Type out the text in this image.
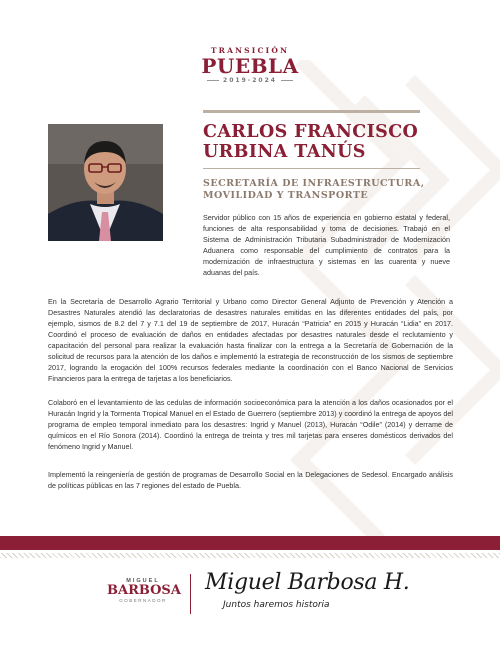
TRANSICIÓN
PUEBLA
2019-2024
CARLOS FRANCISCO URBINA TANÚS
SECRETARÍA DE INFRAESTRUCTURA, MOVILIDAD Y TRANSPORTE
Servidor público con 15 años de experiencia en gobierno estatal y federal, funciones de alta responsabilidad y toma de decisiones. Trabajó en el Sistema de Administración Tributaria Subadministrador de Modernización Aduanera como responsable del cumplimiento de contratos para la modernización de infraestructura y sistemas en las cuarenta y nueve aduanas del país.
En la Secretaría de Desarrollo Agrario Territorial y Urbano como Director General Adjunto de Prevención y Atención a Desastres Naturales atendió las declaratorias de desastres naturales emitidas en las diferentes entidades del país, por ejemplo, sismos de 8.2 del 7 y 7.1 del 19 de septiembre de 2017, Huracán “Patricia” en 2015 y Huracán “Lidia” en 2017. Coordinó el proceso de evaluación de daños en entidades afectadas por desastres naturales desde el reclutamiento y capacitación del personal para realizar la evaluación hasta finalizar con la entrega a la Secretaría de Gobernación de la solicitud de recursos para la atención de los daños e implementó la estrategia de reconstrucción de los sismos de septiembre 2017, logrando la erogación del 100% recursos federales mediante la coordinación con el Banco Nacional de Servicios Financieros para la entrega de tarjetas a los beneficiarios.
Colaboró en el levantamiento de las cedulas de información socioeconómica para la atención a los daños ocasionados por el Huracán Ingrid y la Tormenta Tropical Manuel en el Estado de Guerrero (septiembre 2013) y coordinó la entrega de apoyos del programa de empleo temporal inmediato para los desastres: Ingrid y Manuel (2013), Huracán “Odile” (2014) y derrame de químicos en el Río Sonora (2014). Coordinó la entrega de treinta y tres mil tarjetas para enseres domésticos derivados del fenómeno Ingrid y Manuel.
Implementó la reingeniería de gestión de programas de Desarrollo Social en la Delegaciones de Sedesol. Encargado análisis de políticas públicas en las 7 regiones del estado de Puebla.
MIGUEL
BARBOSA
GOBERNADOR
Miguel Barbosa H.
Juntos haremos historia
